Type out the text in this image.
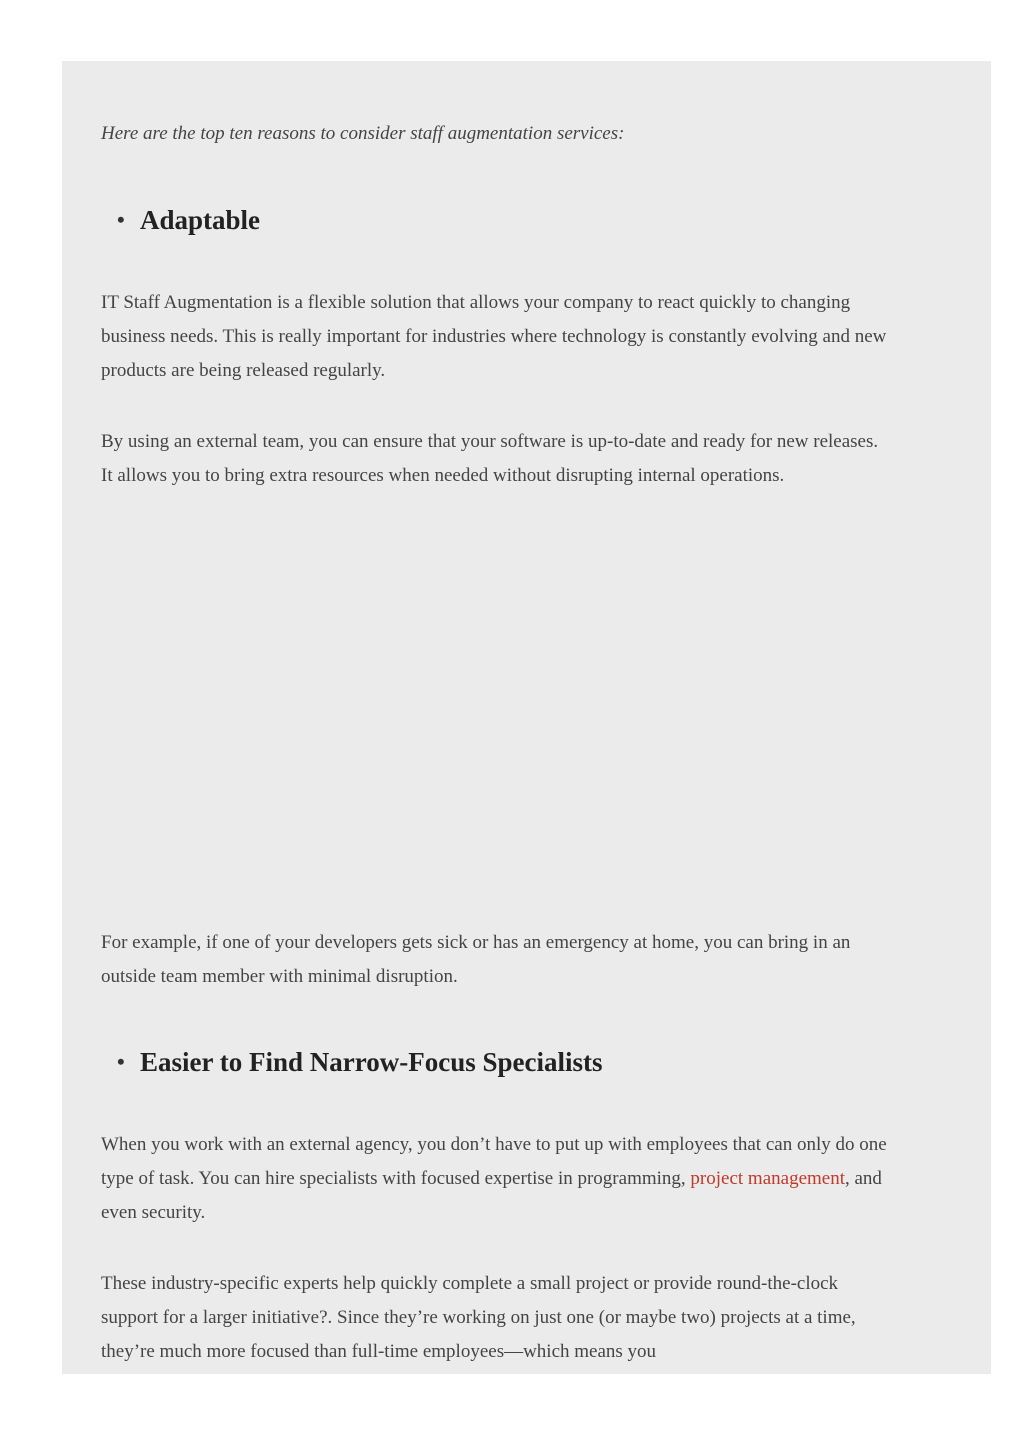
Here are the top ten reasons to consider staff augmentation services:

• Adaptable

IT Staff Augmentation is a flexible solution that allows your company to react quickly to changing business needs. This is really important for industries where technology is constantly evolving and new products are being released regularly.

By using an external team, you can ensure that your software is up-to-date and ready for new releases. It allows you to bring extra resources when needed without disrupting internal operations.

For example, if one of your developers gets sick or has an emergency at home, you can bring in an outside team member with minimal disruption.

• Easier to Find Narrow-Focus Specialists

When you work with an external agency, you don’t have to put up with employees that can only do one type of task. You can hire specialists with focused expertise in programming, project management, and even security.

These industry-specific experts help quickly complete a small project or provide round-the-clock support for a larger initiative?. Since they’re working on just one (or maybe two) projects at a time, they’re much more focused than full-time employees—which means you
